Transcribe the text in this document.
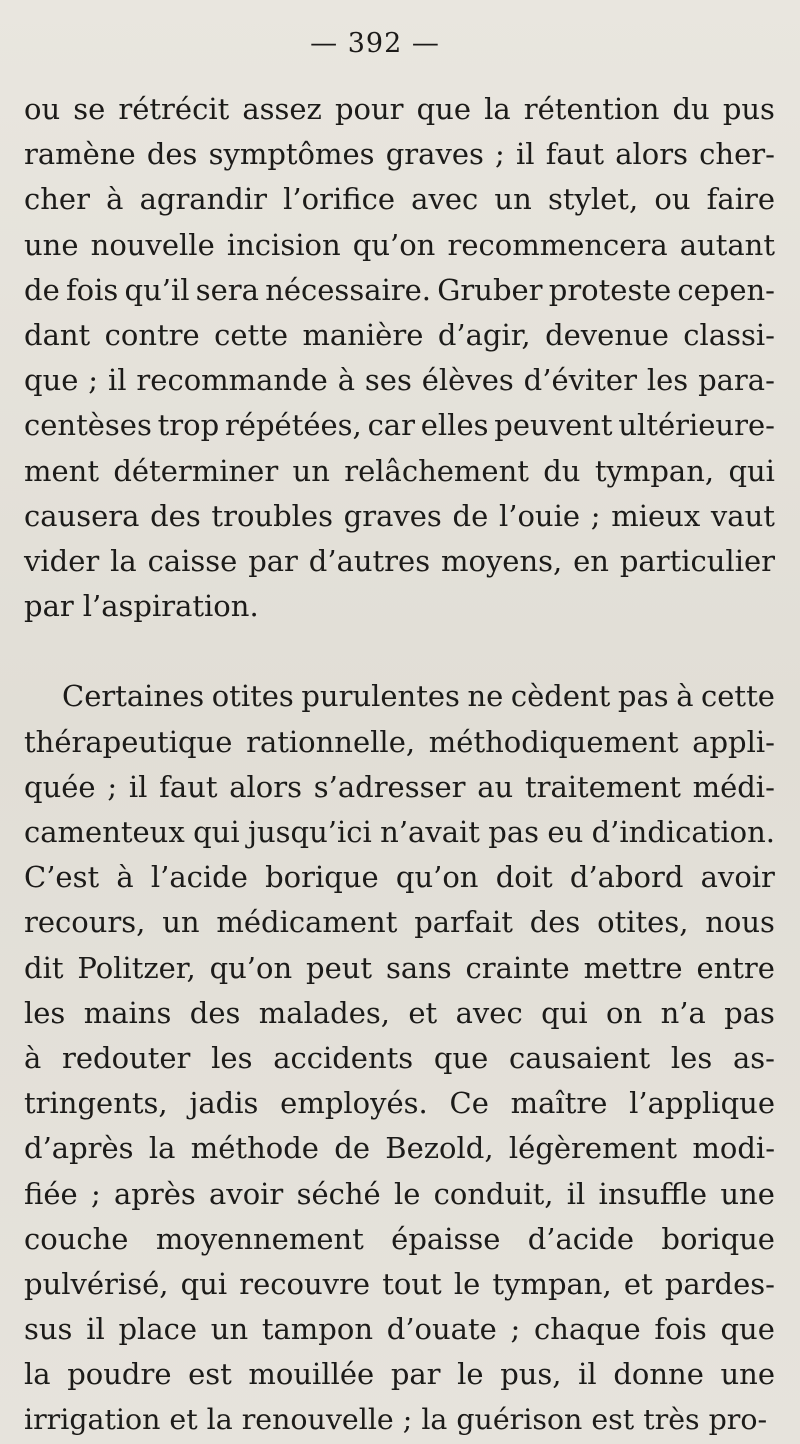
— 392 —
ou se rétrécit assez pour que la rétention du pus
ramène des symptômes graves ; il faut alors cher-
cher à agrandir l’orifice avec un stylet, ou faire
une nouvelle incision qu’on recommencera autant
de fois qu’il sera nécessaire. Gruber proteste cepen-
dant contre cette manière d’agir, devenue classi-
que ; il recommande à ses élèves d’éviter les para-
centèses trop répétées, car elles peuvent ultérieure-
ment déterminer un relâchement du tympan, qui
causera des troubles graves de l’ouie ; mieux vaut
vider la caisse par d’autres moyens, en particulier
par l’aspiration.
Certaines otites purulentes ne cèdent pas à cette
thérapeutique rationnelle, méthodiquement appli-
quée ; il faut alors s’adresser au traitement médi-
camenteux qui jusqu’ici n’avait pas eu d’indication.
C’est à l’acide borique qu’on doit d’abord avoir
recours, un médicament parfait des otites, nous
dit Politzer, qu’on peut sans crainte mettre entre
les mains des malades, et avec qui on n’a pas
à redouter les accidents que causaient les as-
tringents, jadis employés. Ce maître l’applique
d’après la méthode de Bezold, légèrement modi-
fiée ; après avoir séché le conduit, il insuffle une
couche moyennement épaisse d’acide borique
pulvérisé, qui recouvre tout le tympan, et pardes-
sus il place un tampon d’ouate ; chaque fois que
la poudre est mouillée par le pus, il donne une
irrigation et la renouvelle ; la guérison est très pro-
